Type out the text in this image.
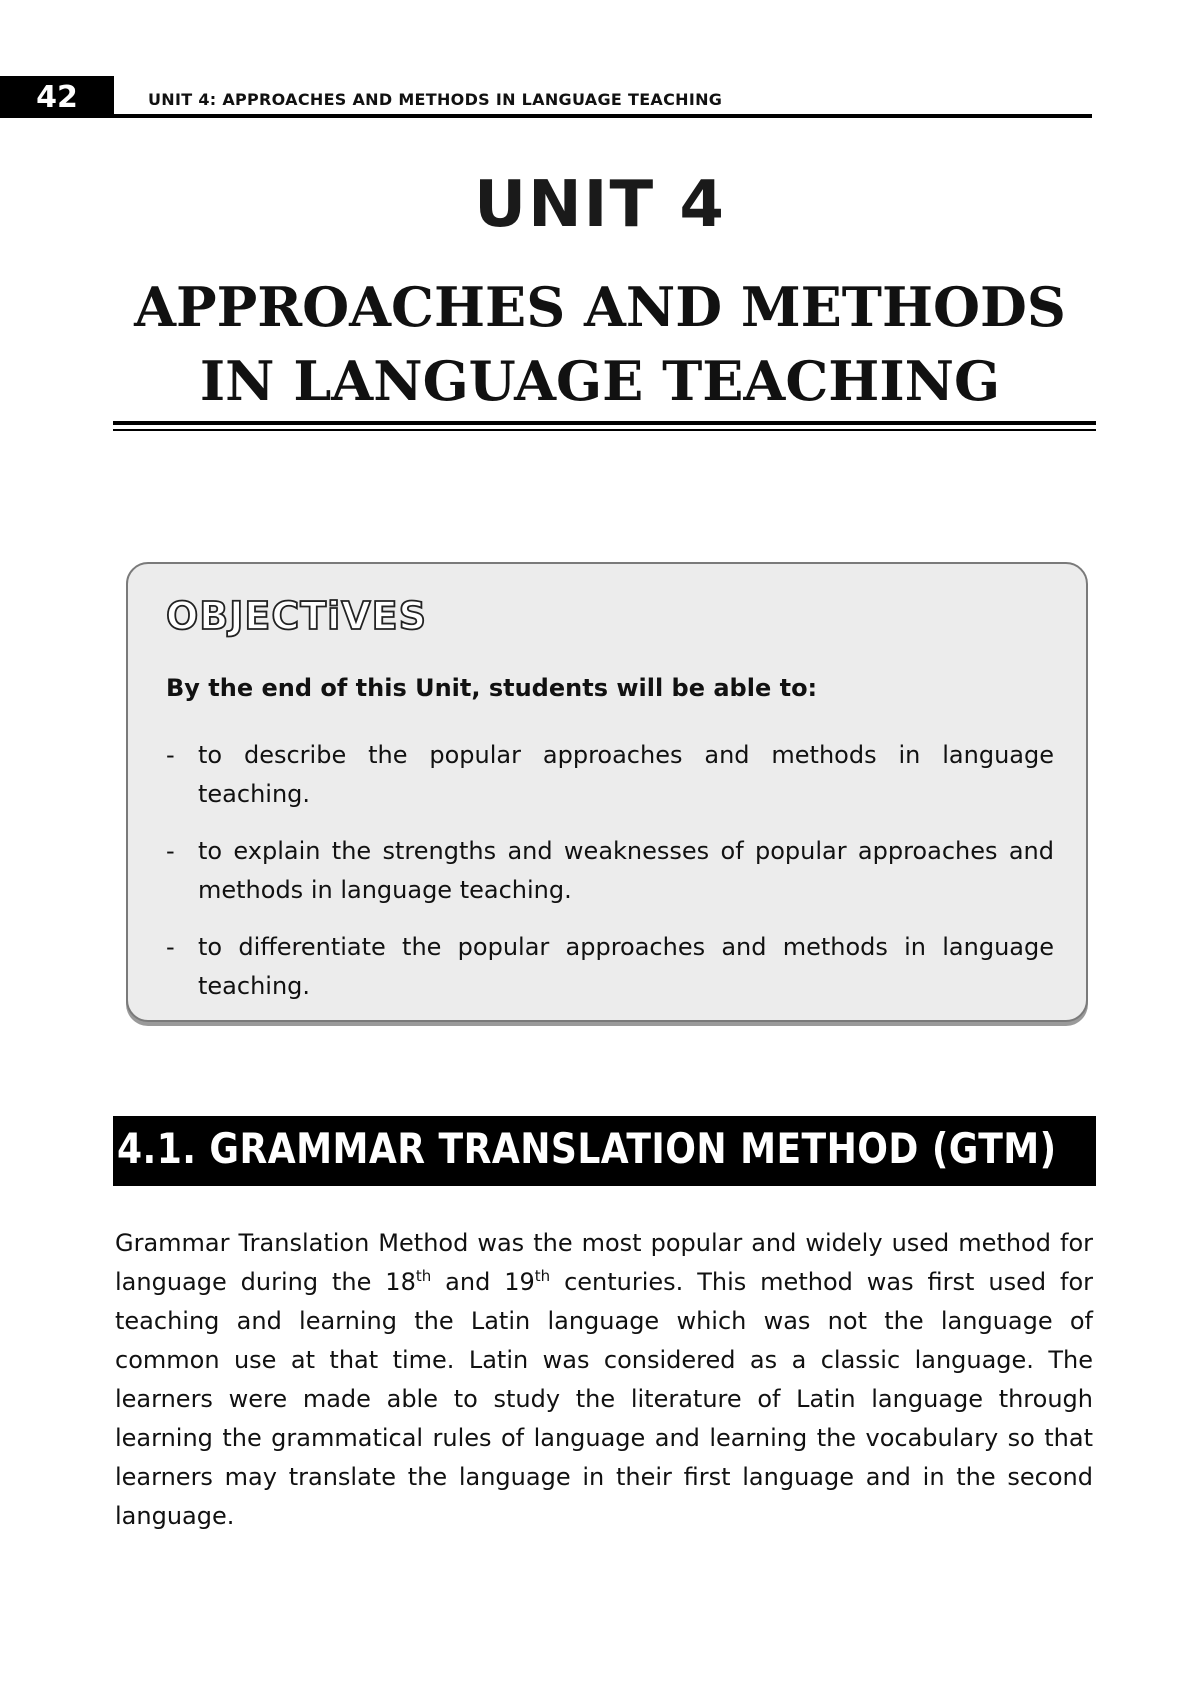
42	UNIT 4: APPROACHES AND METHODS IN LANGUAGE TEACHING
UNIT 4
APPROACHES AND METHODS
IN LANGUAGE TEACHING
OBJECTiVES
By the end of this Unit, students will be able to:
- to describe the popular approaches and methods in language teaching.
- to explain the strengths and weaknesses of popular approaches and methods in language teaching.
- to differentiate the popular approaches and methods in language teaching.
4.1. GRAMMAR TRANSLATION METHOD (GTM)

Grammar Translation Method was the most popular and widely used method for language during the 18th and 19th centuries. This method was first used for teaching and learning the Latin language which was not the language of common use at that time. Latin was considered as a classic language. The learners were made able to study the literature of Latin language through learning the grammatical rules of language and learning the vocabulary so that learners may translate the language in their first language and in the second language.
